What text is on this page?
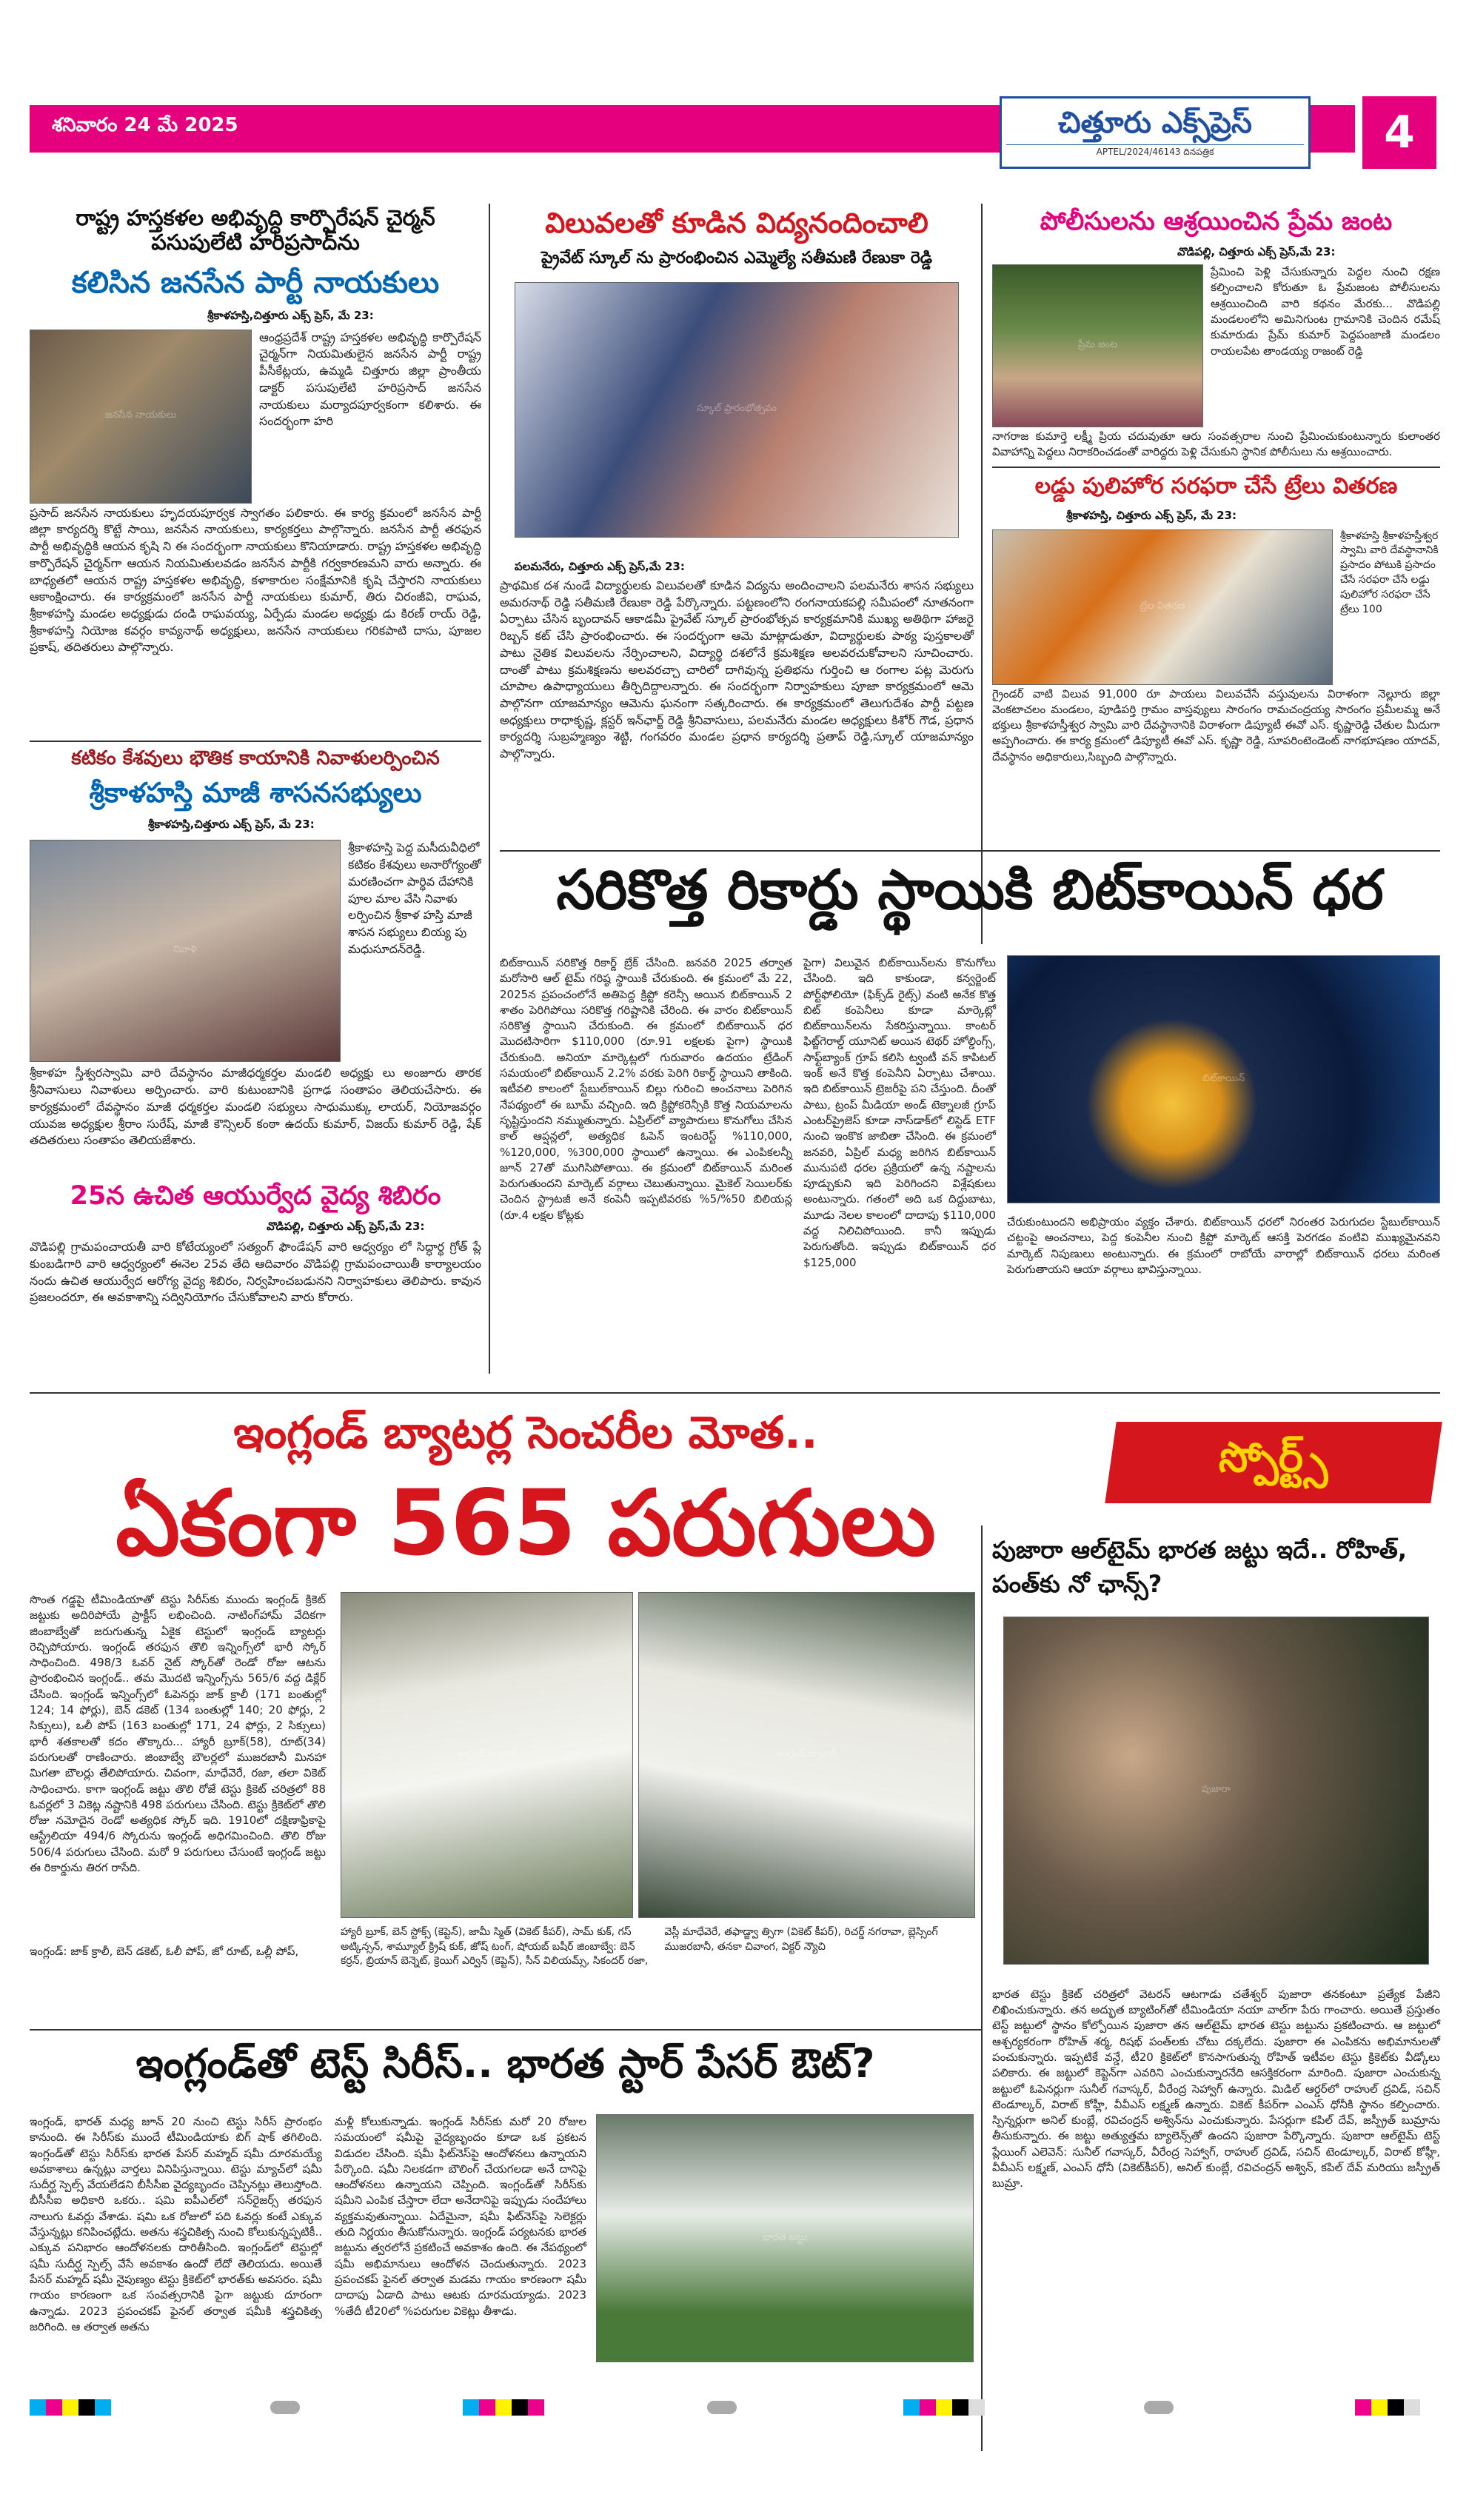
శనివారం 24 మే 2025	చిత్తూరు ఎక్స్‌ప్రెస్
APTEL/2024/46143 దినపత్రిక	4
రాష్ట్ర హస్తకళల అభివృద్ధి కార్పొరేషన్ చైర్మన్ పసుపులేటి హరిప్రసాద్‌ను
కలిసిన జనసేన పార్టీ నాయకులు
శ్రీకాళహస్తి,చిత్తూరు ఎక్స్ ప్రెస్, మే 23:
జనసేన నాయకులు
ఆంధ్రప్రదేశ్ రాష్ట్ర హస్తకళల అభివృద్ధి కార్పొరేషన్ చైర్మన్‌గా నియమితులైన జనసేన పార్టీ రాష్ట్ర పీసీకేట్లయ, ఉమ్మడి చిత్తూరు జిల్లా ప్రాంతీయ డాక్టర్ పసుపులేటి హరిప్రసాద్ జనసేన నాయకులు మర్యాదపూర్వకంగా కలిశారు. ఈ సందర్భంగా హరి
ప్రసాద్ జనసేన నాయకులు హృదయపూర్వక స్వాగతం పలికారు. ఈ కార్య క్రమంలో జనసేన పార్టీ జిల్లా కార్యదర్శి కొట్టే సాయి, జనసేన నాయకులు, కార్యకర్తలు పాల్గొన్నారు. జనసేన పార్టీ తరఫున పార్టీ అభివృద్ధికి ఆయన కృషి ని ఈ సందర్భంగా నాయకులు కొనియాడారు. రాష్ట్ర హస్తకళల అభివృద్ధి కార్పొరేషన్ చైర్మన్‌గా ఆయన నియమితులవడం జనసేన పార్టీకి గర్వకారణమని వారు అన్నారు. ఈ బాధ్యతలో ఆయన రాష్ట్ర హస్తకళల అభివృద్ధి, కళాకారుల సంక్షేమానికి కృషి చేస్తారని నాయకులు ఆకాంక్షించారు. ఈ కార్యక్రమంలో జనసేన పార్టీ నాయకులు కుమార్, తిరు చిరంజీవి, రాఘవ, శ్రీకాళహస్తి మండల అధ్యక్షుడు దండి రాఘవయ్య, ఏర్పేడు మండల అధ్యక్షు డు కిరణ్ రాయ్ రెడ్డి, శ్రీకాళహస్తి నియోజ కవర్గం కావ్యనాథ్ అధ్యక్షులు, జనసేన నాయకులు గరికపాటి దాసు, పూజల ప్రకాష్, తదితరులు పాల్గొన్నారు.
కటికం కేశవులు భౌతిక కాయానికి నివాళులర్పించిన
శ్రీకాళహస్తి మాజీ శాసనసభ్యులు
శ్రీకాళహస్తి,చిత్తూరు ఎక్స్ ప్రెస్, మే 23:
నివాళి
శ్రీకాళహస్తి పెద్ద మసీదువీధిలో కటికం కేశవులు అనారోగ్యంతో మరణించగా పార్థివ దేహానికి పూల మాల వేసి నివాళు లర్పించిన శ్రీకాళ హస్తి మాజీ శాసన సభ్యులు బియ్య పు మధుసూదన్‌రెడ్డి.
శ్రీకాళహ స్తీశ్వరస్వామి వారి దేవస్థానం మాజీధర్మకర్తల మండలి అధ్యక్షు లు అంజూరు తారక శ్రీనివాసులు నివాళులు అర్పించారు. వారి కుటుంబానికి ప్రగాఢ సంతాపం తెలియచేసారు. ఈ కార్యక్రమంలో దేవస్థానం మాజీ ధర్మకర్తల మండలి సభ్యులు సాధుముక్కు లాయర్, నియోజవర్గం యువజ అధ్యక్షుల శ్రీరాం సురేష్, మాజీ కౌన్సిలర్ కంఠా ఉదయ్ కుమార్, విజయ్ కుమార్ రెడ్డి, షేక్ తదితరులు సంతాపం తెలియజేశారు.
25న ఉచిత ఆయుర్వేద వైద్య శిబిరం
వొడిపల్లి, చిత్తూరు ఎక్స్ ప్రెస్,మే 23:
వొడిపల్లి గ్రామపంచాయతీ వారి కోటేయ్యంలో సత్యంగ్ ఫౌండేషన్ వారి ఆధ్వర్యం లో సిద్ధార్థ గ్రోత్ ప్లే కుంబడిగారి వారి ఆధ్వర్యంలో ఈనెల 25వ తేది ఆదివారం వొడిపల్లి గ్రామపంచాయితీ కార్యాలయం నందు ఉచిత ఆయుర్వేద ఆరోగ్య వైద్య శిబిరం, నిర్వహించబడునని నిర్వాహకులు తెలిపారు. కావున ప్రజలందరూ, ఈ అవకాశాన్ని సద్వినియోగం చేసుకోవాలని వారు కోరారు.
విలువలతో కూడిన విద్యనందించాలి
ప్రైవేట్ స్కూల్ ను ప్రారంభించిన ఎమ్మెల్యే సతీమణి రేణుకా రెడ్డి
స్కూల్ ప్రారంభోత్సవం
పలమనేరు, చిత్తూరు ఎక్స్ ప్రెస్,మే 23:
ప్రాథమిక దశ నుండే విద్యార్థులకు విలువలతో కూడిన విద్యను అందించాలని పలమనేరు శాసన సభ్యులు అమరనాథ్ రెడ్డి సతీమణి రేణుకా రెడ్డి పేర్కొన్నారు. పట్టణంలోని రంగనాయకపల్లి సమీపంలో నూతనంగా ఏర్పాటు చేసిన బృందావన్ ఆకాడమీ ప్రైవేట్ స్కూల్ ప్రారంభోత్సవ కార్యక్రమానికి ముఖ్య అతిథిగా హాజరై రిబ్బన్ కట్ చేసి ప్రారంభించారు. ఈ సందర్భంగా ఆమె మాట్లాడుతూ, విద్యార్థులకు పాఠ్య పుస్తకాలతో పాటు నైతిక విలువలను నేర్పించాలని, విద్యార్థి దశలోనే క్రమశిక్షణ అలవరచుకోవాలని సూచించారు. దాంతో పాటు క్రమశిక్షణను అలవరచ్చా చారిలో దాగివున్న ప్రతిభను గుర్తించి ఆ రంగాల పట్ల మెరుగు చూపాల ఉపాధ్యాయులు తీర్చిదిద్దాలన్నారు. ఈ సందర్భంగా నిర్వాహకులు పూజా కార్యక్రమంలో ఆమె పాల్గొనగా యాజమాన్యం ఆమెను ఘనంగా సత్కరించారు. ఈ కార్యక్రమంలో తెలుగుదేశం పార్టీ పట్టణ అధ్యక్షులు రాధాకృష్ణ, క్లస్టర్ ఇన్‌ఛార్జ్ రెడ్డి శ్రీనివాసులు, పలమనేరు మండల అధ్యక్షులు కిశోర్ గౌడ, ప్రధాన కార్యదర్శి సుబ్రహ్మణ్యం శెట్టి, గంగవరం మండల ప్రధాన కార్యదర్శి ప్రతాప్ రెడ్డి,స్కూల్ యాజమాన్యం పాల్గొన్నారు.
పోలీసులను ఆశ్రయించిన ప్రేమ జంట
వొడిపల్లి, చిత్తూరు ఎక్స్ ప్రెస్,మే 23:
ప్రేమ జంట
ప్రేమించి పెళ్లి చేసుకున్నారు పెద్దల నుంచి రక్షణ కల్పించాలని కోరుతూ ఓ ప్రేమజంట పోలీసులను ఆశ్రయించింది వారి కథనం మేరకు... వొడిపల్లి మండలంలోని అమినిగుంట గ్రామానికి చెందిన రమేష్ కుమారుడు ప్రేమ్ కుమార్ పెద్దపంజాణి మండలం రాయలపేట తాండయ్య రాజంట్ రెడ్డి
నాగరాజ కుమార్తె లక్ష్మీ ప్రియ చదువుతూ ఆరు సంవత్సరాల నుంచి ప్రేమించుకుంటున్నారు కులాంతర వివాహాన్ని పెద్దలు నిరాకరించడంతో వారిద్దరు పెళ్లి చేసుకుని స్థానిక పోలీసులు ను ఆశ్రయించారు.
లడ్డు పులిహోర సరఫరా చేసే ట్రేలు వితరణ
శ్రీకాళహస్తి, చిత్తూరు ఎక్స్ ప్రెస్, మే 23:
ట్రేల వితరణ
శ్రీకాళహస్తి శ్రీకాళహస్తీశ్వర స్వామి వారి దేవస్థానానికి ప్రసాదం పోటుకి ప్రసాదం చేసే సరఫరా చేసే లడ్డు పులిహోర సరఫరా చేసే ట్రేలు 100
గ్రైండర్ వాటి విలువ 91,000 రూ పాయలు విలువచేసే వస్తువులను విరాళంగా నెల్లూరు జిల్లా వెంకటాచలం మండలం, పూడిపర్తి గ్రామం వాస్తవ్యులు సారంగం రామచంద్రయ్య సారంగం ప్రమీలమ్మ అనే భక్తులు శ్రీకాళహస్తీశ్వర స్వామి వారి దేవస్థానానికి విరాళంగా డిప్యూటీ ఈవో ఎస్. కృష్ణారెడ్డి చేతుల మీదుగా అప్పగించారు. ఈ కార్య క్రమంలో డిప్యూటీ ఈవో ఎస్. కృష్ణా రెడ్డి, సూపరింటెండెంట్ నాగభూషణం యాదవ్, దేవస్థానం అధికారులు,సిబ్బంది పాల్గొన్నారు.
సరికొత్త రికార్డు స్థాయికి బిట్‌కాయిన్ ధర
బిట్‌కాయిన్ సరికొత్త రికార్డ్ బ్రేక్ చేసింది. జనవరి 2025 తర్వాత మరోసారి ఆల్ టైమ్ గరిష్ఠ స్థాయికి చేరుకుంది. ఈ క్రమంలో మే 22, 2025న ప్రపంచంలోనే అతిపెద్ద క్రిప్టో కరెన్సీ అయిన బిట్‌కాయిన్ 2 శాతం పెరిగిపోయి సరికొత్త గరిష్టానికి చేరింది. ఈ వారం బిట్‌కాయిన్ సరికొత్త స్థాయిని చేరుకుంది. ఈ క్రమంలో బిట్‌కాయిన్ ధర మొదటిసారిగా $110,000 (రూ.91 లక్షలకు పైగా) స్థాయికి చేరుకుంది. అనియా మార్కెట్లలో గురువారం ఉదయం ట్రేడింగ్ సమయంలో బిట్‌కాయిన్ 2.2% వరకు పెరిగి రికార్డ్ స్థాయిని తాకింది. ఇటీవలి కాలంలో స్టేబుల్‌కాయిన్ బిల్లు గురించి అంచనాలు పెరిగిన నేపథ్యంలో ఈ బూమ్ వచ్చింది. ఇది క్రిప్టోకరెన్సీకి కొత్త నియమాలను సృష్టిస్తుందని నమ్ముతున్నారు. ఏప్రిల్‌లో వ్యాపారులు కొనుగోలు చేసిన కాల్ ఆప్షన్లలో, అత్యధిక ఓపెన్ ఇంటరెస్ట్ %110,000, %120,000, %300,000 స్థాయిలో ఉన్నాయి. ఈ ఎంపికలన్నీ జూన్ 27తో ముగిసిపోతాయి. ఈ క్రమంలో బిట్‌కాయిన్ మరింత పెరుగుతుందని మార్కెట్ వర్గాలు చెబుతున్నాయి. మైకెల్ సెయిలర్‌కు చెందిన స్ట్రాటజీ అనే కంపెనీ ఇప్పటివరకు %5/%50 బిలియన్ల (రూ.4 లక్షల కోట్లకు
పైగా) విలువైన బిట్‌కాయిన్‌లను కొనుగోలు చేసింది. ఇది కాకుండా, కన్వర్జెంట్ పోర్ట్‌ఫోలియో (ఫిక్స్‌డ్ రైట్స్) వంటి అనేక కొత్త బిట్ కంపెనీలు కూడా మార్కెట్లో బిట్‌కాయిన్‌లను సేకరిస్తున్నాయి. కాంటర్ ఫిట్జ్‌గెరాల్డ్ యూనిట్ అయిన టెథర్ హోల్డింగ్స్, సాఫ్ట్‌బ్యాంక్ గ్రూప్ కలిసి ట్వంటీ వన్ కాపిటల్ ఇంక్ అనే కొత్త కంపెనీని ఏర్పాటు చేశాయి. ఇది బిట్‌కాయిన్ ట్రెజరీపై పని చేస్తుంది. దీంతో పాటు, ట్రంప్ మీడియా అండ్ టెక్నాలజీ గ్రూప్ ఎంటర్‌ప్రైజెస్ కూడా నాస్‌డాక్‌లో లిస్టెడ్ ETF నుంచి ఇంకొక జాబితా చేసింది. ఈ క్రమంలో జనవరి, ఏప్రిల్ మధ్య జరిగిన బిట్‌కాయిన్ మునుపటి ధరల ప్రక్రియలో ఉన్న నష్టాలను పూడ్చుకుని ఇది పెరిగిందని విశ్లేషకులు అంటున్నారు. గతంలో అది ఒక దిద్దుబాటు, మూడు నెలల కాలంలో దాదాపు $110,000 వద్ద నిలిచిపోయింది. కానీ ఇప్పుడు పెరుగుతోంది. ఇప్పుడు బిట్‌కాయిన్ ధర $125,000
బిట్‌కాయిన్
చేరుకుంటుందని అభిప్రాయం వ్యక్తం చేశారు. బిట్‌కాయిన్ ధరలో నిరంతర పెరుగుదల స్టేబుల్‌కాయిన్ చట్టంపై అంచనాలు, పెద్ద కంపెనీల నుంచి క్రిప్టో మార్కెట్ ఆసక్తి పెరగడం వంటివి ముఖ్యమైనవని మార్కెట్ నిపుణులు అంటున్నారు. ఈ క్రమంలో రాబోయే వారాల్లో బిట్‌కాయిన్ ధరలు మరింత పెరుగుతాయని ఆయా వర్గాలు భావిస్తున్నాయి.
ఇంగ్లండ్ బ్యాటర్ల సెంచరీల మోత..
ఏకంగా 565 పరుగులు
స్పోర్ట్స్
సొంత గడ్డపై టీమిండియాతో టెస్టు సిరీస్‌కు ముందు ఇంగ్లండ్ క్రికెట్ జట్టుకు అదిరిపోయే ప్రాక్టీస్ లభించింది. నాటింగ్‌హామ్ వేదికగా జింబాబ్వేతో జరుగుతున్న ఏకైక టెస్టులో ఇంగ్లండ్ బ్యాటర్లు రెచ్చిపోయారు. ఇంగ్లండ్ తరఫున తొలి ఇన్నింగ్స్‌లో భారీ స్కోర్ సాధించింది. 498/3 ఓవర్ నైట్ స్కోర్‌తో రెండో రోజు ఆటను ప్రారంభించిన ఇంగ్లండ్.. తమ మొదటి ఇన్నింగ్స్‌ను 565/6 వద్ద డిక్లేర్ చేసింది. ఇంగ్లండ్ ఇన్నింగ్స్‌లో ఓపెనర్లు జాక్ క్రాలీ (171 బంతుల్లో 124; 14 ఫోర్లు), బెన్ డకెట్ (134 బంతుల్లో 140; 20 ఫోర్లు, 2 సిక్సులు), ఒలీ పోప్ (163 బంతుల్లో 171, 24 ఫోర్లు, 2 సిక్సులు) భారీ శతకాలతో కదం తొక్కారు... హ్యారీ బ్రూక్(58), రూట్(34) పరుగులతో రాణించారు. జింబాబ్వే బౌలర్లలో ముజరబానీ మినహా మిగతా బౌలర్లు తేలిపోయారు. చివంగా, మాధేవెరే, రజా, తలా వికెట్ సాధించారు. కాగా ఇంగ్లండ్ జట్టు తొలి రోజే టెస్టు క్రికెట్ చరిత్రలో 88 ఓవర్లలో 3 వికెట్ల నష్టానికి 498 పరుగులు చేసింది. టెస్టు క్రికెట్‌లో తొలి రోజు నమోదైన రెండో అత్యధిక స్కోర్ ఇది. 1910లో దక్షిణాఫ్రికాపై ఆస్ట్రేలియా 494/6 స్కోరును ఇంగ్లండ్ అధిగమించింది. తొలి రోజు 506/4 పరుగులు చేసింది. మరో 9 పరుగులు చేసుంటే ఇంగ్లండ్ జట్టు ఈ రికార్డును తిరగ రాసేది.
ఇంగ్లండ్: జాక్ క్రాలీ, బెన్ డకెట్, ఓలీ పోప్, జో రూట్, ఒల్లీ పోప్,
ఇంగ్లండ్ బ్యాటర్	ఇంగ్లండ్ బ్యాటర్
హ్యారీ బ్రూక్, బెన్ స్టోక్స్ (కెప్టెన్), జామీ స్మిత్ (వికెట్ కీపర్), సామ్ కుక్, గస్ అట్కిన్సన్, శామ్యూల్ క్ర్రిష్ కుక్, జోష్ టంగ్, షోయబ్ బషీర్ జింబాబ్వే: బెన్ కర్రన్, బ్రియాన్ బెన్నెట్, క్రెయిగ్ ఎర్విన్ (కెప్టెన్), సీన్ విలియమ్స్, సికందర్ రజా, వెస్లీ మాధేవెరే, తఫాడ్జ్వా త్సిగా (వికెట్ కీపర్), రిచర్డ్ నగరావా, బ్లెస్సింగ్ ముజరబానీ, తనకా చివాంగ, విక్టర్ న్యౌచి
పుజారా ఆల్‌టైమ్ భారత జట్టు ఇదే.. రోహిత్, పంత్‌కు నో ఛాన్స్?
పుజారా
భారత టెస్టు క్రికెట్ చరిత్రలో వెటరన్ ఆటగాడు చతేశ్వర్ పుజారా తనకంటూ ప్రత్యేక పేజీని లిఖించుకున్నారు. తన అద్భుత బ్యాటింగ్‌తో టీమిండియా నయా వాల్‌గా పేరు గాంచారు. అయితే ప్రస్తుతం టెస్ట్ జట్టులో స్థానం కోల్పోయిన పుజారా తన ఆల్‌టైమ్ భారత టెస్టు జట్టును ప్రకటించారు. ఆ జట్టులో ఆశ్చర్యకరంగా రోహిత్ శర్మ, రిషభ్ పంత్‌లకు చోటు దక్కలేదు. పుజారా ఈ ఎంపికను అభిమానులతో పంచుకున్నారు. ఇప్పటికే వన్డే, టీ20 క్రికెట్‌లో కొనసాగుతున్న రోహిత్ ఇటీవల టెస్టు క్రికెట్‌కు వీడ్కోలు పలికారు. ఈ జట్టులో కెప్టెన్‌గా ఎవరిని ఎంచుకున్నారనేది ఆసక్తికరంగా మారింది. పుజారా ఎంచుకున్న జట్టులో ఓపెనర్లుగా సునీల్ గవాస్కర్, వీరేంద్ర సెహ్వాగ్ ఉన్నారు. మిడిల్ ఆర్డర్‌లో రాహుల్ ద్రవిడ్, సచిన్ టెండూల్కర్, విరాట్ కోహ్లీ, వీవీఎస్ లక్ష్మణ్ ఉన్నారు. వికెట్ కీపర్‌గా ఎంఎస్ ధోనీకి స్థానం కల్పించారు. స్పిన్నర్లుగా అనిల్ కుంబ్లే, రవిచంద్రన్ అశ్విన్‌ను ఎంచుకున్నారు. పేసర్లుగా కపిల్ దేవ్, జస్ప్రీత్ బుమ్రాను తీసుకున్నారు. ఈ జట్టు అత్యుత్తమ బ్యాలెన్స్‌తో ఉందని పుజారా పేర్కొన్నారు. పుజారా ఆల్‌టైమ్ టెస్ట్ ప్లేయింగ్ ఎలెవెన్: సునీల్ గవాస్కర్, వీరేంద్ర సెహ్వాగ్, రాహుల్ ద్రవిడ్, సచిన్ టెండూల్కర్, విరాట్ కోహ్లీ, వీవీఎస్ లక్ష్మణ్, ఎంఎస్ ధోనీ (వికెట్‌కీపర్), అనిల్ కుంబ్లే, రవిచంద్రన్ అశ్విన్, కపిల్ దేవ్ మరియు జస్ప్రీత్ బుమ్రా.
ఇంగ్లండ్‌తో టెస్ట్ సిరీస్.. భారత స్టార్ పేసర్ ఔట్?
ఇంగ్లండ్, భారత్ మధ్య జూన్ 20 నుంచి టెస్టు సిరీస్ ప్రారంభం కానుంది. ఈ సిరీస్‌కు ముందే టీమిండియాకు బిగ్ షాక్ తగిలింది. ఇంగ్లండ్‌తో టెస్టు సిరీస్‌కు భారత పేసర్ మహ్మద్ షమీ దూరమయ్యే అవకాశాలు ఉన్నట్లు వార్తలు వినిపిస్తున్నాయి. టెస్టు మ్యాచ్‌లో షమీ సుదీర్ఘ స్పెల్స్ వేయలేడని బీసీసీఐ వైద్యబృందం చెప్పినట్లు తెలుస్తోంది. బీసీసీఐ అధికారి ఒకరు.. షమి ఐపీఎల్‌లో సన్‌రైజర్స్ తరఫున నాలుగు ఓవర్లు వేశాడు. షమి ఒక రోజులో పది ఓవర్లు కంటే ఎక్కువ వేస్తున్నట్లు కనిపించట్లేదు. అతను శస్త్రచికిత్స నుంచి కోలుకున్నప్పటికీ.. ఎక్కువ పనిభారం ఆందోళనలకు దారితీసింది. ఇంగ్లండ్‌లో టెస్టుల్లో షమీ సుదీర్ఘ స్పెల్స్ వేసే అవకాశం ఉందో లేదో తెలియదు. అయితే పేసర్ మహ్మద్ షమీ నైపుణ్యం టెస్టు క్రికెట్‌లో భారత్‌కు అవసరం. షమీ గాయం కారణంగా ఒక సంవత్సరానికి పైగా జట్టుకు దూరంగా ఉన్నాడు. 2023 ప్రపంచకప్ ఫైనల్ తర్వాత షమీకి శస్త్రచికిత్స జరిగింది. ఆ తర్వాత అతను
మళ్లీ కోలుకున్నాడు. ఇంగ్లండ్ సిరీస్‌కు మరో 20 రోజుల సమయంలో షమీపై వైద్యబృందం కూడా ఒక ప్రకటన విడుదల చేసింది. షమీ ఫిట్‌నెస్‌పై ఆందోళనలు ఉన్నాయని పేర్కొంది. షమీ నిలకడగా బౌలింగ్ చేయగలడా అనే దానిపై ఆందోళనలు ఉన్నాయని చెప్పింది. ఇంగ్లండ్‌తో సిరీస్‌కు షమీని ఎంపిక చేస్తారా లేదా అనేదానిపై ఇప్పుడు సందేహాలు వ్యక్తమవుతున్నాయి. ఏదేమైనా, షమీ ఫిట్‌నెస్‌పై సెలెక్టర్లు తుది నిర్ణయం తీసుకోనున్నారు. ఇంగ్లండ్ పర్యటనకు భారత జట్టును త్వరలోనే ప్రకటించే అవకాశం ఉంది. ఈ నేపథ్యంలో షమీ అభిమానులు ఆందోళన చెందుతున్నారు. 2023 ప్రపంచకప్ ఫైనల్ తర్వాత మడమ గాయం కారణంగా షమీ దాదాపు ఏడాది పాటు ఆటకు దూరమయ్యాడు. 2023 %తేదీ టీ20లో %పరుగుల వికెట్లు తీశాడు.
భారత జట్టు
